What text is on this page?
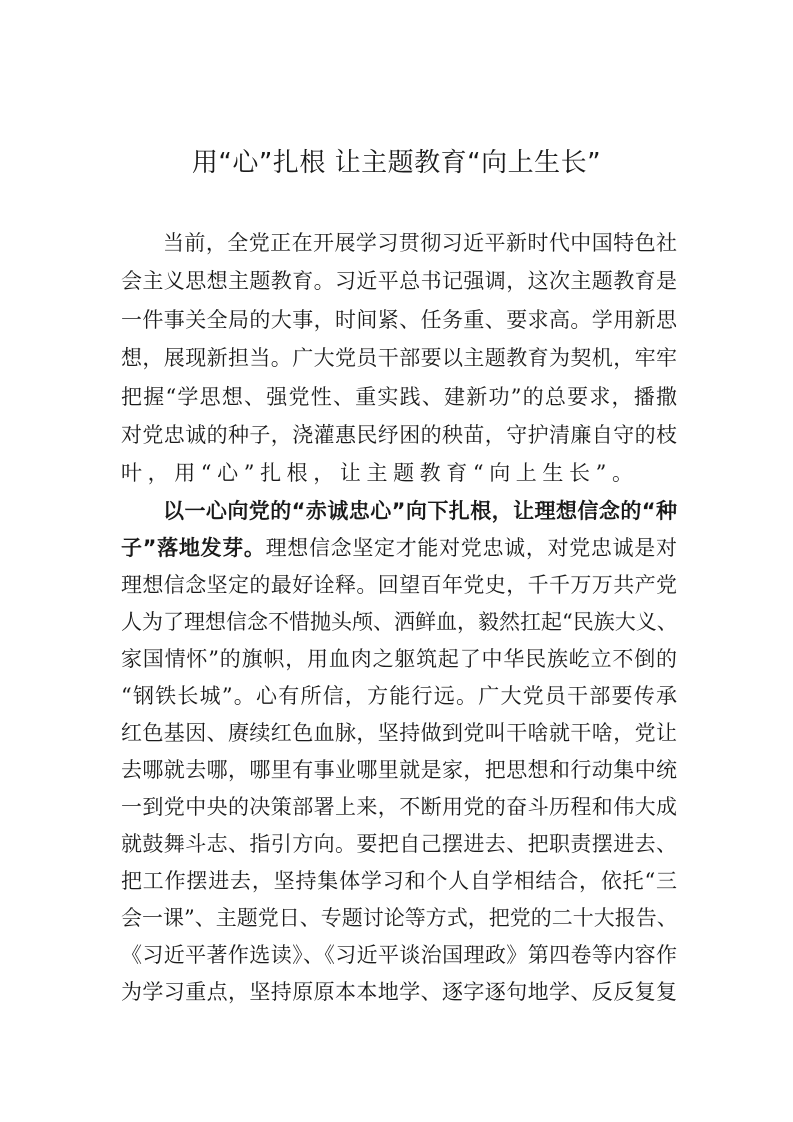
用“心”扎根 让主题教育“向上生长”
当前，全党正在开展学习贯彻习近平新时代中国特色社
会主义思想主题教育。习近平总书记强调，这次主题教育是
一件事关全局的大事，时间紧、任务重、要求高。学用新思
想，展现新担当。广大党员干部要以主题教育为契机，牢牢
把握“学思想、强党性、重实践、建新功”的总要求，播撒
对党忠诚的种子，浇灌惠民纾困的秧苗，守护清廉自守的枝
叶，用“心”扎根，让主题教育“向上生长”。
以一心向党的“赤诚忠心”向下扎根，让理想信念的“种
子”落地发芽。理想信念坚定才能对党忠诚，对党忠诚是对
理想信念坚定的最好诠释。回望百年党史，千千万万共产党
人为了理想信念不惜抛头颅、洒鲜血，毅然扛起“民族大义、
家国情怀”的旗帜，用血肉之躯筑起了中华民族屹立不倒的
“钢铁长城”。心有所信，方能行远。广大党员干部要传承
红色基因、赓续红色血脉，坚持做到党叫干啥就干啥，党让
去哪就去哪，哪里有事业哪里就是家，把思想和行动集中统
一到党中央的决策部署上来，不断用党的奋斗历程和伟大成
就鼓舞斗志、指引方向。要把自己摆进去、把职责摆进去、
把工作摆进去，坚持集体学习和个人自学相结合，依托“三
会一课”、主题党日、专题讨论等方式，把党的二十大报告、
《习近平著作选读》、《习近平谈治国理政》第四卷等内容作
为学习重点，坚持原原本本地学、逐字逐句地学、反反复复
